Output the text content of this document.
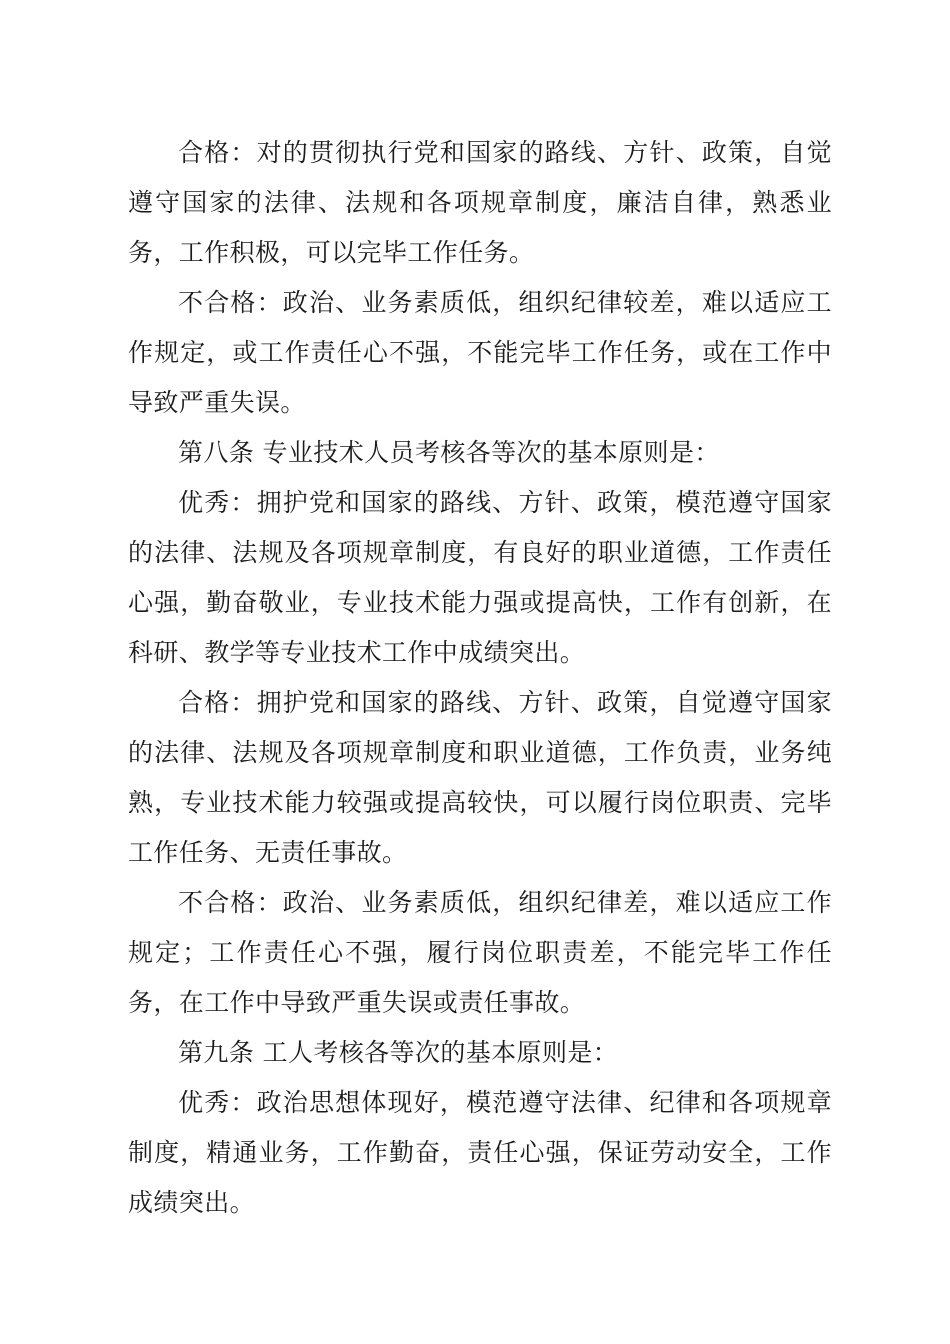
合格：对的贯彻执行党和国家的路线、方针、政策，自觉遵守国家的法律、法规和各项规章制度，廉洁自律，熟悉业务，工作积极，可以完毕工作任务。

不合格：政治、业务素质低，组织纪律较差，难以适应工作规定，或工作责任心不强，不能完毕工作任务，或在工作中导致严重失误。

第八条 专业技术人员考核各等次的基本原则是：

优秀：拥护党和国家的路线、方针、政策，模范遵守国家的法律、法规及各项规章制度，有良好的职业道德，工作责任心强，勤奋敬业，专业技术能力强或提高快，工作有创新，在科研、教学等专业技术工作中成绩突出。

合格：拥护党和国家的路线、方针、政策，自觉遵守国家的法律、法规及各项规章制度和职业道德，工作负责，业务纯熟，专业技术能力较强或提高较快，可以履行岗位职责、完毕工作任务、无责任事故。

不合格：政治、业务素质低，组织纪律差，难以适应工作规定；工作责任心不强，履行岗位职责差，不能完毕工作任务，在工作中导致严重失误或责任事故。

第九条 工人考核各等次的基本原则是：

优秀：政治思想体现好，模范遵守法律、纪律和各项规章制度，精通业务，工作勤奋，责任心强，保证劳动安全，工作成绩突出。
